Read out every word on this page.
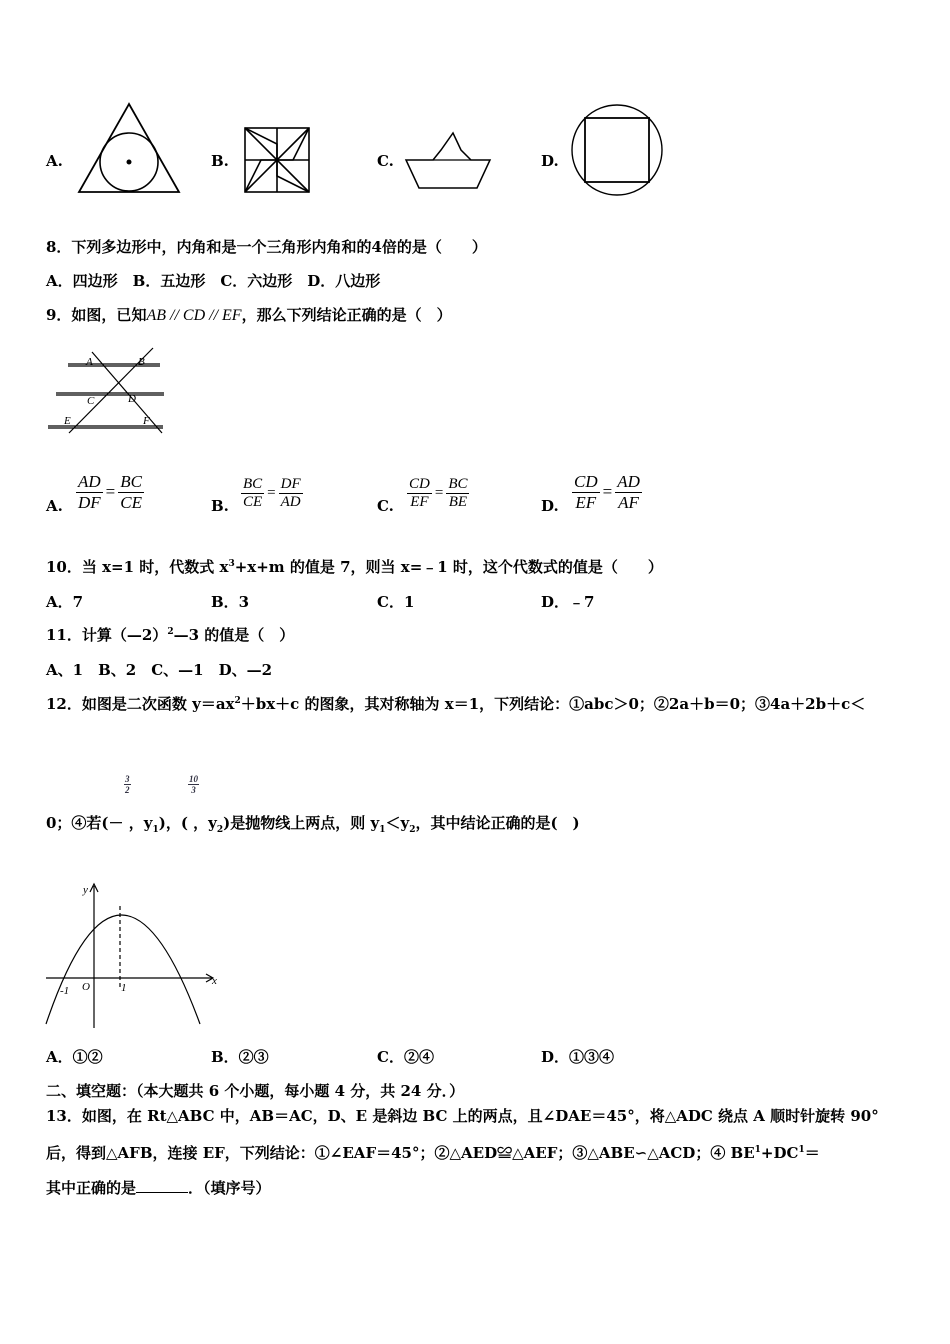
A.	B.	C.	D.
8．下列多边形中，内角和是一个三角形内角和的4倍的是（　　）
A．四边形　B．五边形　C．六边形　D．八边形
9．如图，已知AB // CD // EF，那么下列结论正确的是（　）
A	B
C	D
E	F
A. $\frac{AD}{DF} = \frac{BC}{CE}$	B. $\frac{BC}{CE} = \frac{DF}{AD}$	C. $\frac{CD}{EF} = \frac{BC}{BE}$	D. $\frac{CD}{EF} = \frac{AD}{AF}$
10．当 x=1 时，代数式 $x^3+x+m$ 的值是 7，则当 x=﹣1 时，这个代数式的值是（　　）
A．7	B．3	C．1	D．﹣7
11．计算（—2）$^2$—3 的值是（　）
A、1　B、2　C、—1　D、—2
12．如图是二次函数 $y=ax^2+bx+c$ 的图象，其对称轴为 x＝1，下列结论：①abc＞0；②2a＋b＝0；③4a＋2b＋c＜
3
2
10
3
0；④若(－ ，$y_1$)，( ，$y_2$)是抛物线上两点，则 $y_1<y_2$，其中结论正确的是(　)
y
x
O
-1	1
A．①②	B．②③	C．②④	D．①③④
二、填空题：（本大题共 6 个小题，每小题 4 分，共 24 分．）
13．如图，在 Rt△ABC 中，AB＝AC，D、E 是斜边 BC 上的两点，且∠DAE＝45°，将△ADC 绕点 A 顺时针旋转 90°
后，得到△AFB，连接 EF，下列结论：①∠EAF＝45°；②△AED≌△AEF；③△ABE∽△ACD；④ $BE^1+DC^1=$
其中正确的是	．（填序号）
